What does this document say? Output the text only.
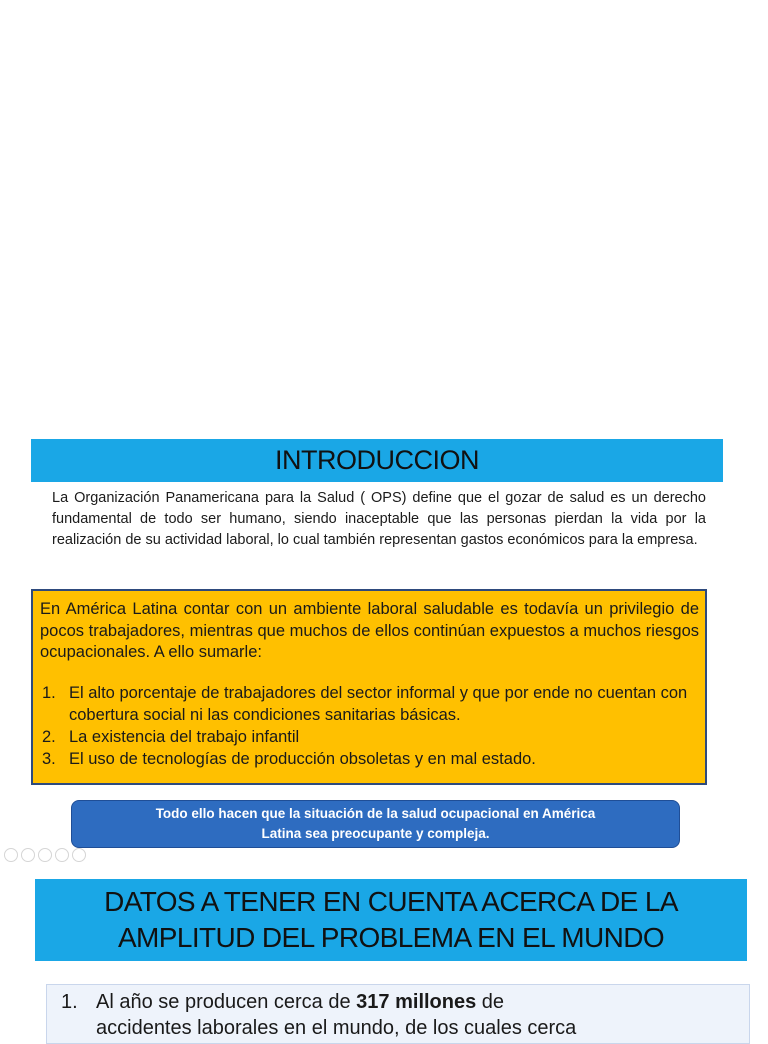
INTRODUCCION
La Organización Panamericana para la Salud ( OPS) define que el gozar de salud es un derecho fundamental de todo ser humano, siendo inaceptable que las personas pierdan la vida por la realización de su actividad laboral, lo cual también representan gastos económicos para la empresa.

En América Latina contar con un ambiente laboral saludable es todavía un privilegio de pocos trabajadores, mientras que muchos de ellos continúan expuestos a muchos riesgos ocupacionales. A ello sumarle:

1. El alto porcentaje de trabajadores del sector informal y que por ende no cuentan con cobertura social ni las condiciones sanitarias básicas.
2. La existencia del trabajo infantil
3. El uso de tecnologías de producción obsoletas y en mal estado.
Todo ello hacen que la situación de la salud ocupacional en América
Latina sea preocupante y compleja.
DATOS A TENER EN CUENTA ACERCA DE LA
AMPLITUD DEL PROBLEMA EN EL MUNDO
1. Al año se producen cerca de 317 millones de
accidentes laborales en el mundo, de los cuales cerca
